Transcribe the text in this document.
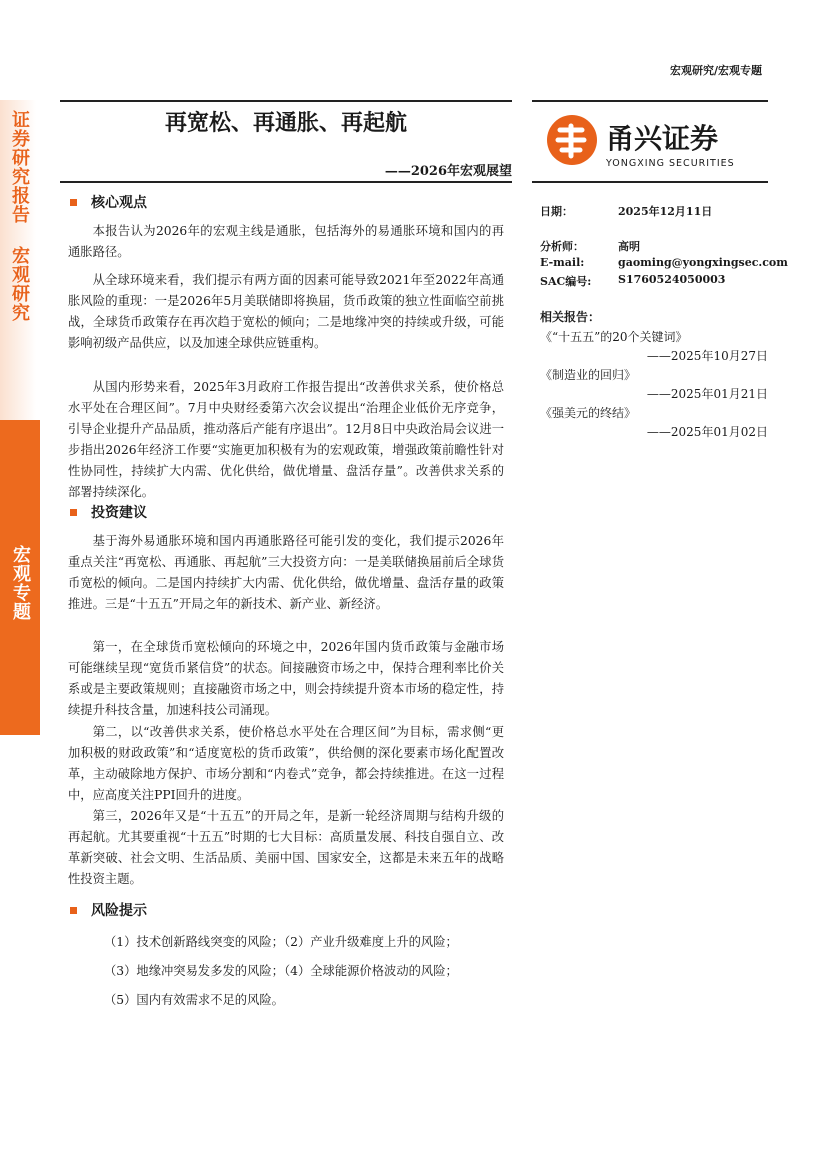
证券研究报告 宏观研究
宏观专题
宏观研究/宏观专题
再宽松、再通胀、再起航
——2026年宏观展望
甬兴证券
YONGXING SECURITIES
日期：	2025年12月11日
分析师：	高明
E-mail:	gaoming@yongxingsec.com
SAC编号: S1760524050003
相关报告：
《“十五五”的20个关键词》
——2025年10月27日
《制造业的回归》
——2025年01月21日
《强美元的终结》
——2025年01月02日
核心观点

本报告认为2026年的宏观主线是通胀，包括海外的易通胀环境和国内的再通胀路径。

从全球环境来看，我们提示有两方面的因素可能导致2021年至2022年高通胀风险的重现：一是2026年5月美联储即将换届，货币政策的独立性面临空前挑战，全球货币政策存在再次趋于宽松的倾向；二是地缘冲突的持续或升级，可能影响初级产品供应，以及加速全球供应链重构。

从国内形势来看，2025年3月政府工作报告提出“改善供求关系，使价格总水平处在合理区间”。7月中央财经委第六次会议提出“治理企业低价无序竞争，引导企业提升产品品质，推动落后产能有序退出”。12月8日中央政治局会议进一步指出2026年经济工作要“实施更加积极有为的宏观政策，增强政策前瞻性针对性协同性，持续扩大内需、优化供给，做优增量、盘活存量”。改善供求关系的部署持续深化。

投资建议

基于海外易通胀环境和国内再通胀路径可能引发的变化，我们提示2026年重点关注“再宽松、再通胀、再起航”三大投资方向：一是美联储换届前后全球货币宽松的倾向。二是国内持续扩大内需、优化供给，做优增量、盘活存量的政策推进。三是“十五五”开局之年的新技术、新产业、新经济。

第一，在全球货币宽松倾向的环境之中，2026年国内货币政策与金融市场可能继续呈现“宽货币紧信贷”的状态。间接融资市场之中，保持合理利率比价关系或是主要政策规则；直接融资市场之中，则会持续提升资本市场的稳定性，持续提升科技含量，加速科技公司涌现。

第二，以“改善供求关系，使价格总水平处在合理区间”为目标，需求侧“更加积极的财政政策”和“适度宽松的货币政策”，供给侧的深化要素市场化配置改革，主动破除地方保护、市场分割和“内卷式”竞争，都会持续推进。在这一过程中，应高度关注PPI回升的进度。

第三，2026年又是“十五五”的开局之年，是新一轮经济周期与结构升级的再起航。尤其要重视“十五五”时期的七大目标：高质量发展、科技自强自立、改革新突破、社会文明、生活品质、美丽中国、国家安全，这都是未来五年的战略性投资主题。

风险提示
（1）技术创新路线突变的风险；（2）产业升级难度上升的风险；
（3）地缘冲突易发多发的风险；（4）全球能源价格波动的风险；
（5）国内有效需求不足的风险。
